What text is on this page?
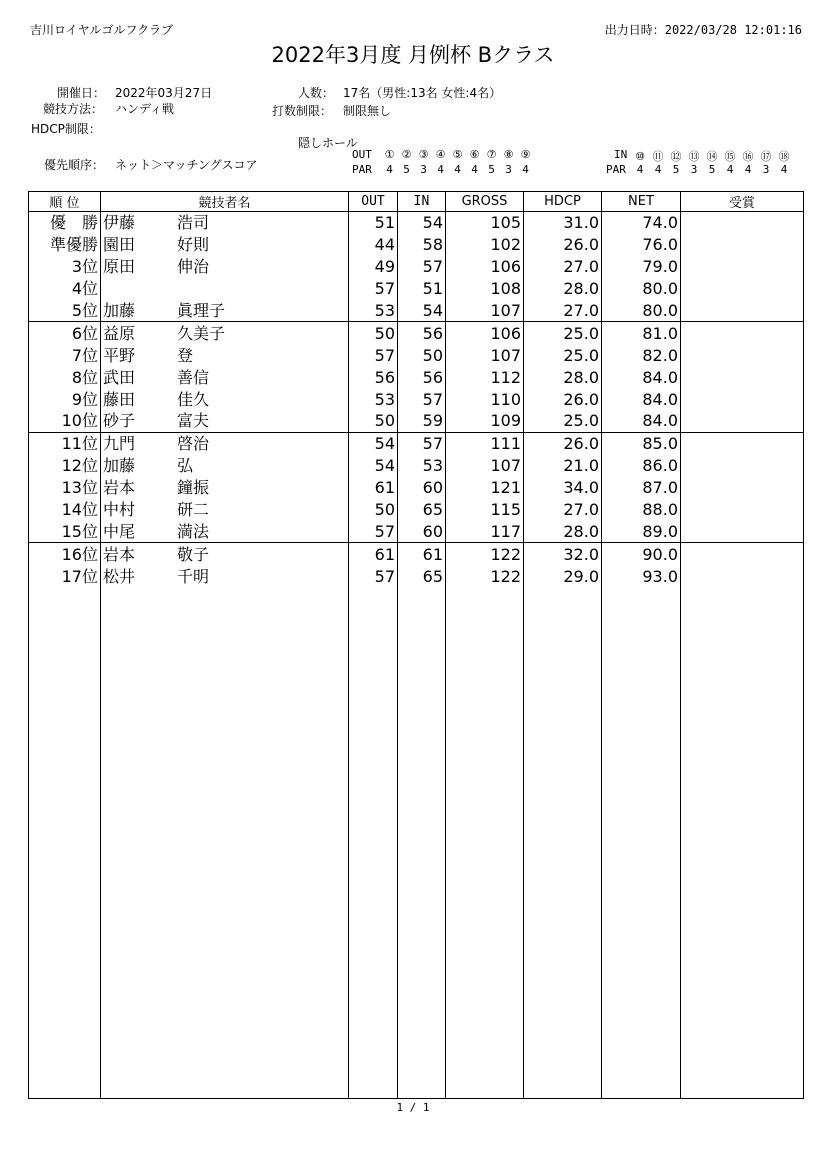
吉川ロイヤルゴルフクラブ	出力日時：2022/03/28 12:01:16
2022年3月度 月例杯 Bクラス
開催日： 2022年03月27日
競技方法： ハンディ戦
HDCP制限：
人数： 17名（男性:13名 女性:4名）
打数制限： 制限無し
優先順序： ネット＞マッチングスコア
隠しホール
OUT	① ② ③ ④ ⑤ ⑥ ⑦ ⑧ ⑨
PAR	4 5 3 4 4 4 5 3 4
IN ⑩ ⑪ ⑫ ⑬ ⑭ ⑮ ⑯ ⑰ ⑱
PAR 4 4 5 3 5 4 4 3 4
順 位	競技者名	OUT	IN	GROSS	HDCP	NET	受賞
優　勝	伊藤 浩司	51	54	105	31.0	74.0	
準優勝	園田 好則	44	58	102	26.0	76.0	
3位	原田 伸治	49	57	106	27.0	79.0	
4位		57	51	108	28.0	80.0	
5位	加藤 眞理子	53	54	107	27.0	80.0	
6位	益原 久美子	50	56	106	25.0	81.0	
7位	平野 登	57	50	107	25.0	82.0	
8位	武田 善信	56	56	112	28.0	84.0	
9位	藤田 佳久	53	57	110	26.0	84.0	
10位	砂子 富夫	50	59	109	25.0	84.0	
11位	九門 啓治	54	57	111	26.0	85.0	
12位	加藤 弘	54	53	107	21.0	86.0	
13位	岩本 鐘振	61	60	121	34.0	87.0	
14位	中村 研二	50	65	115	27.0	88.0	
15位	中尾 満法	57	60	117	28.0	89.0	
16位	岩本 敬子	61	61	122	32.0	90.0	
17位	松井 千明	57	65	122	29.0	93.0	

1 / 1
